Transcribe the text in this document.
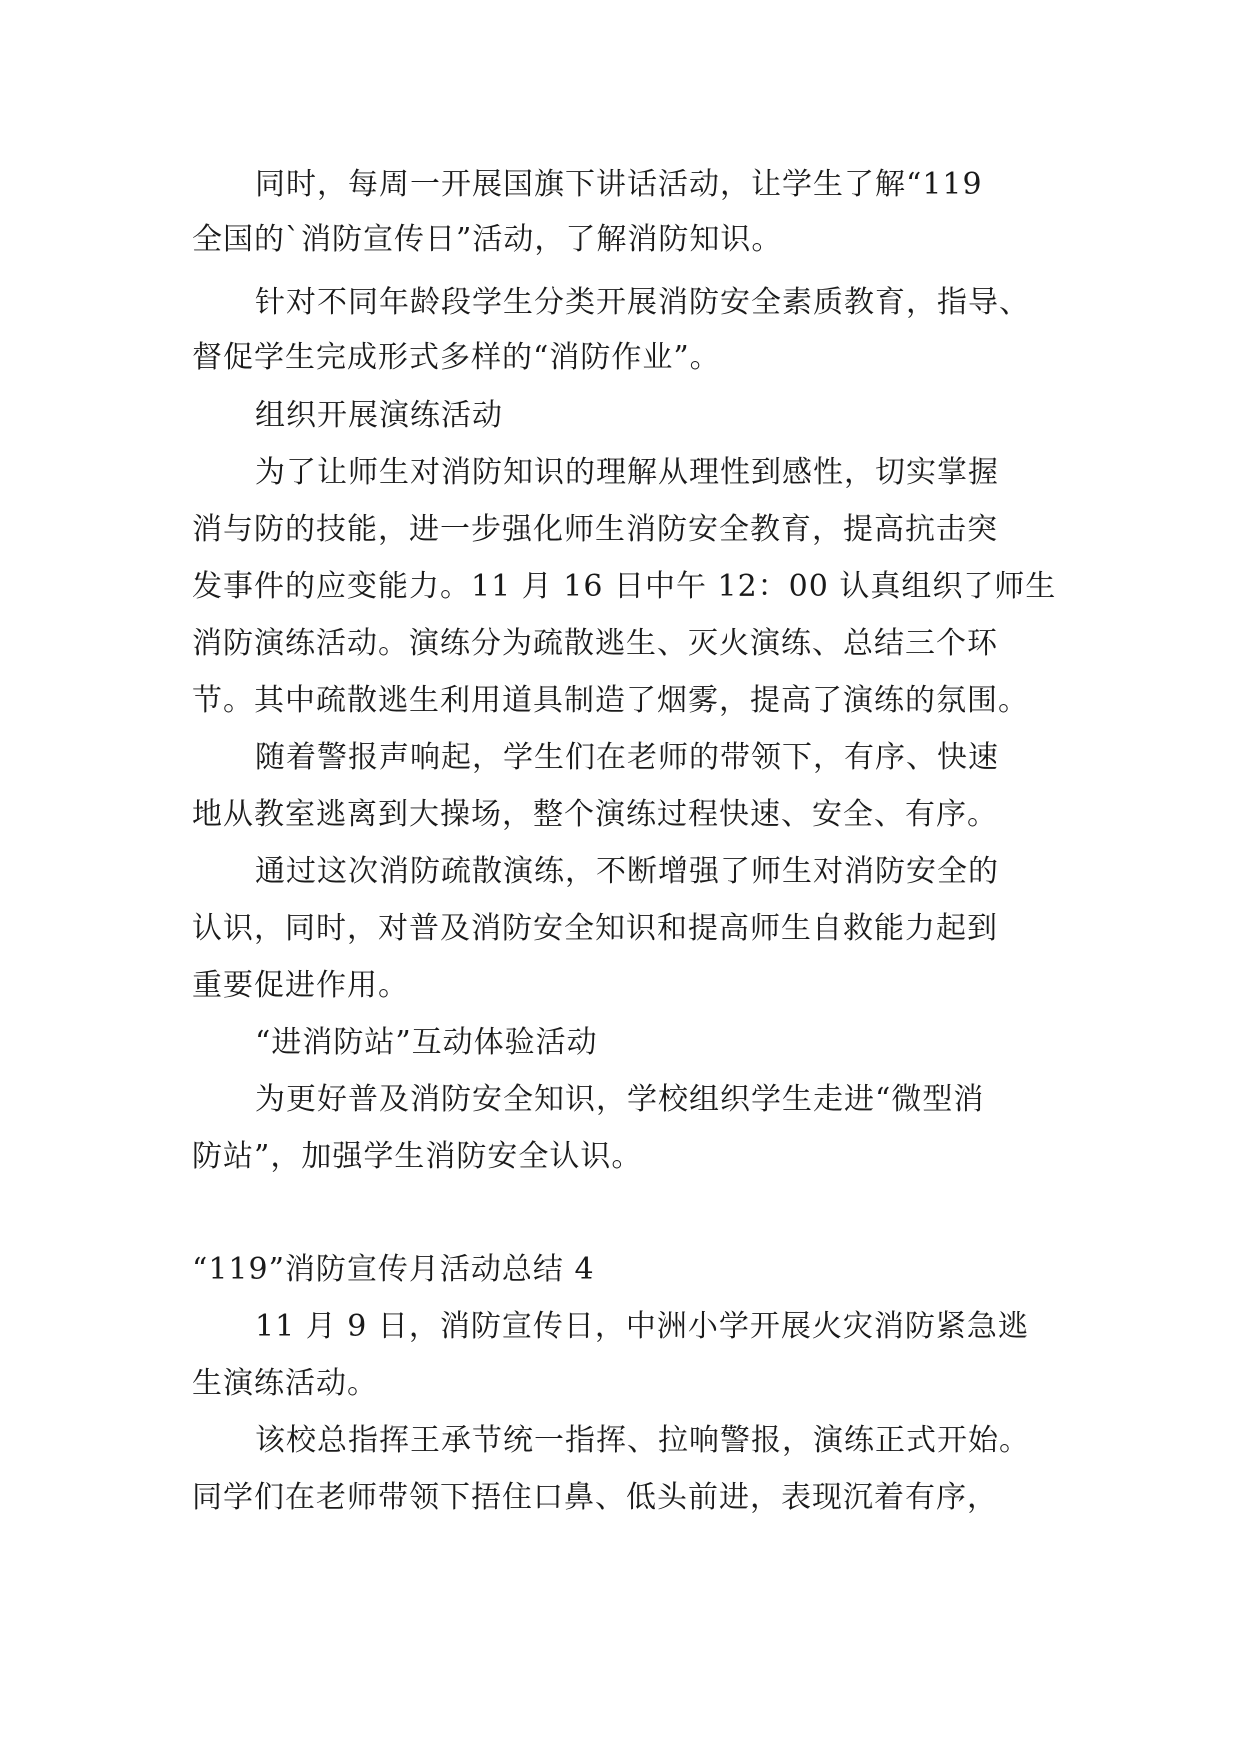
同时，每周一开展国旗下讲话活动，让学生了解“119
全国的`消防宣传日”活动，了解消防知识。
针对不同年龄段学生分类开展消防安全素质教育，指导、
督促学生完成形式多样的“消防作业”。
组织开展演练活动
为了让师生对消防知识的理解从理性到感性，切实掌握
消与防的技能，进一步强化师生消防安全教育，提高抗击突
发事件的应变能力。11 月 16 日中午 12：00 认真组织了师生
消防演练活动。演练分为疏散逃生、灭火演练、总结三个环
节。其中疏散逃生利用道具制造了烟雾，提高了演练的氛围。
随着警报声响起，学生们在老师的带领下，有序、快速
地从教室逃离到大操场，整个演练过程快速、安全、有序。
通过这次消防疏散演练，不断增强了师生对消防安全的
认识，同时，对普及消防安全知识和提高师生自救能力起到
重要促进作用。
“进消防站”互动体验活动
为更好普及消防安全知识，学校组织学生走进“微型消
防站”，加强学生消防安全认识。
“119”消防宣传月活动总结 4
11 月 9 日，消防宣传日，中洲小学开展火灾消防紧急逃
生演练活动。
该校总指挥王承节统一指挥、拉响警报，演练正式开始。
同学们在老师带领下捂住口鼻、低头前进，表现沉着有序，
